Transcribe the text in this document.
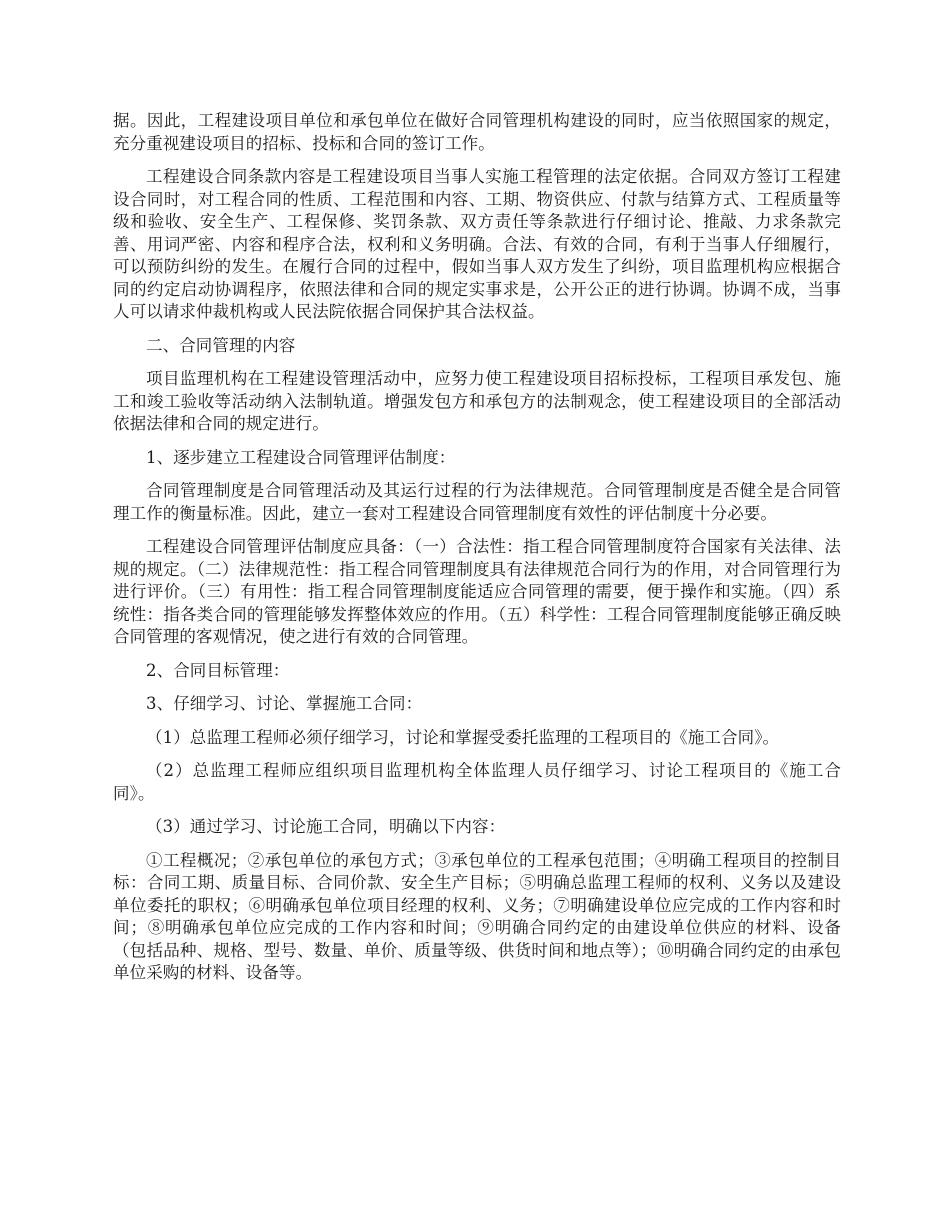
据。因此，工程建设项目单位和承包单位在做好合同管理机构建设的同时，应当依照国家的规定，充分重视建设项目的招标、投标和合同的签订工作。

工程建设合同条款内容是工程建设项目当事人实施工程管理的法定依据。合同双方签订工程建设合同时，对工程合同的性质、工程范围和内容、工期、物资供应、付款与结算方式、工程质量等级和验收、安全生产、工程保修、奖罚条款、双方责任等条款进行仔细讨论、推敲、力求条款完善、用词严密、内容和程序合法，权利和义务明确。合法、有效的合同，有利于当事人仔细履行，可以预防纠纷的发生。在履行合同的过程中，假如当事人双方发生了纠纷，项目监理机构应根据合同的约定启动协调程序，依照法律和合同的规定实事求是，公开公正的进行协调。协调不成，当事人可以请求仲裁机构或人民法院依据合同保护其合法权益。

二、合同管理的内容

项目监理机构在工程建设管理活动中，应努力使工程建设项目招标投标，工程项目承发包、施工和竣工验收等活动纳入法制轨道。增强发包方和承包方的法制观念，使工程建设项目的全部活动依据法律和合同的规定进行。

1、逐步建立工程建设合同管理评估制度：

合同管理制度是合同管理活动及其运行过程的行为法律规范。合同管理制度是否健全是合同管理工作的衡量标准。因此，建立一套对工程建设合同管理制度有效性的评估制度十分必要。

工程建设合同管理评估制度应具备：（一）合法性：指工程合同管理制度符合国家有关法律、法规的规定。（二）法律规范性：指工程合同管理制度具有法律规范合同行为的作用，对合同管理行为进行评价。（三）有用性：指工程合同管理制度能适应合同管理的需要，便于操作和实施。（四）系统性：指各类合同的管理能够发挥整体效应的作用。（五）科学性：工程合同管理制度能够正确反映合同管理的客观情况，使之进行有效的合同管理。

2、合同目标管理：

3、仔细学习、讨论、掌握施工合同：

（1）总监理工程师必须仔细学习，讨论和掌握受委托监理的工程项目的《施工合同》。

（2）总监理工程师应组织项目监理机构全体监理人员仔细学习、讨论工程项目的《施工合同》。

（3）通过学习、讨论施工合同，明确以下内容：

①工程概况；②承包单位的承包方式；③承包单位的工程承包范围；④明确工程项目的控制目标：合同工期、质量目标、合同价款、安全生产目标；⑤明确总监理工程师的权利、义务以及建设单位委托的职权；⑥明确承包单位项目经理的权利、义务；⑦明确建设单位应完成的工作内容和时间；⑧明确承包单位应完成的工作内容和时间；⑨明确合同约定的由建设单位供应的材料、设备（包括品种、规格、型号、数量、单价、质量等级、供货时间和地点等）；⑩明确合同约定的由承包单位采购的材料、设备等。
